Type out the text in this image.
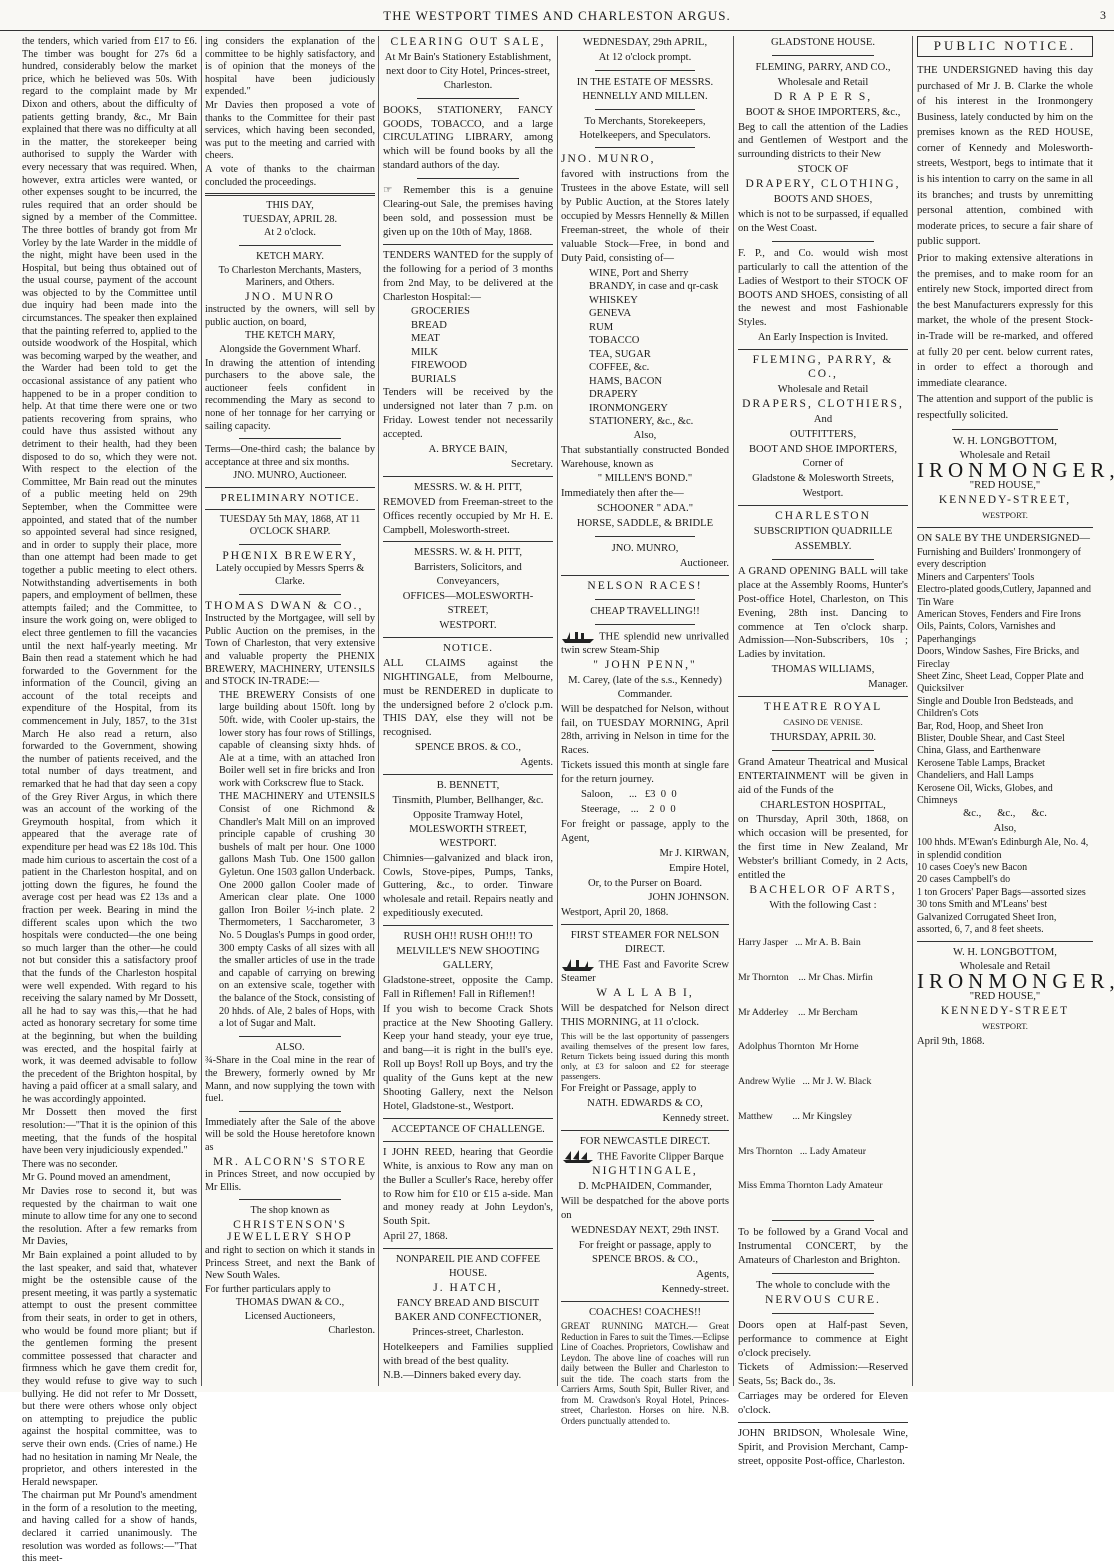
THE WESTPORT TIMES AND CHARLESTON ARGUS.	3

the tenders, which varied from £17 to £6. The timber was bought for 27s 6d a hundred, considerably below the market price, which he believed was 50s. With regard to the complaint made by Mr Dixon and others, about the difficulty of patients getting brandy, &c., Mr Bain explained that there was no difficulty at all in the matter, the storekeeper being authorised to supply the Warder with every necessary that was required. When, however, extra articles were wanted, or other expenses sought to be incurred, the rules required that an order should be signed by a member of the Committee. The three bottles of brandy got from Mr Vorley by the late Warder in the middle of the night, might have been used in the Hospital, but being thus obtained out of the usual course, payment of the account was objected to by the Committee until due inquiry had been made into the circumstances. The speaker then explained that the painting referred to, applied to the outside woodwork of the Hospital, which was becoming warped by the weather, and the Warder had been told to get the occasional assistance of any patient who happened to be in a proper condition to help. At that time there were one or two patients recovering from sprains, who could have thus assisted without any detriment to their health, had they been disposed to do so, which they were not. With respect to the election of the Committee, Mr Bain read out the minutes of a public meeting held on 29th September, when the Committee were appointed, and stated that of the number so appointed several had since resigned, and in order to supply their place, more than one attempt had been made to get together a public meeting to elect others. Notwithstanding advertisements in both papers, and employment of bellmen, these attempts failed; and the Committee, to insure the work going on, were obliged to elect three gentlemen to fill the vacancies until the next half-yearly meeting. Mr Bain then read a statement which he had forwarded to the Government for the information of the Council, giving an account of the total receipts and expenditure of the Hospital, from its commencement in July, 1857, to the 31st March He also read a return, also forwarded to the Government, showing the number of patients received, and the total number of days treatment, and remarked that he had that day seen a copy of the Grey River Argus, in which there was an account of the working of the Greymouth hospital, from which it appeared that the average rate of expenditure per head was £2 18s 10d. This made him curious to ascertain the cost of a patient in the Charleston hospital, and on jotting down the figures, he found the average cost per head was £2 13s and a fraction per week. Bearing in mind the different scales upon which the two hospitals were conducted—the one being so much larger than the other—he could not but consider this a satisfactory proof that the funds of the Charleston hospital were well expended. With regard to his receiving the salary named by Mr Dossett, all he had to say was this,—that he had acted as honorary secretary for some time at the beginning, but when the building was erected, and the hospital fairly at work, it was deemed advisable to follow the precedent of the Brighton hospital, by having a paid officer at a small salary, and he was accordingly appointed.

Mr Dossett then moved the first resolution:—"That it is the opinion of this meeting, that the funds of the hospital have been very injudiciously expended."

There was no seconder.

Mr G. Pound moved an amendment,

Mr Davies rose to second it, but was requested by the chairman to wait one minute to allow time for any one to second the resolution. After a few remarks from Mr Davies,

Mr Bain explained a point alluded to by the last speaker, and said that, whatever might be the ostensible cause of the present meeting, it was partly a systematic attempt to oust the present committee from their seats, in order to get in others, who would be found more pliant; but if the gentlemen forming the present committee possessed that character and firmness which he gave them credit for, they would refuse to give way to such bullying. He did not refer to Mr Dossett, but there were others whose only object on attempting to prejudice the public against the hospital committee, was to serve their own ends. (Cries of name.) He had no hesitation in naming Mr Neale, the proprietor, and others interested in the Herald newspaper.

The chairman put Mr Pound's amendment in the form of a resolution to the meeting, and having called for a show of hands, declared it carried unanimously. The resolution was worded as follows:—"That this meet-

ing considers the explanation of the committee to be highly satisfactory, and is of opinion that the moneys of the hospital have been judiciously expended."

Mr Davies then proposed a vote of thanks to the Committee for their past services, which having been seconded, was put to the meeting and carried with cheers.

A vote of thanks to the chairman concluded the proceedings.

THIS DAY,

TUESDAY, APRIL 28.

At 2 o'clock.

KETCH MARY.

To Charleston Merchants, Masters, Mariners, and Others.

JNO. MUNRO

instructed by the owners, will sell by public auction, on board,

THE KETCH MARY,

Alongside the Government Wharf.

In drawing the attention of intending purchasers to the above sale, the auctioneer feels confident in recommending the Mary as second to none of her tonnage for her carrying or sailing capacity.

Terms—One-third cash; the balance by acceptance at three and six months.

JNO. MUNRO, Auctioneer.

PRELIMINARY NOTICE.

TUESDAY 5th MAY, 1868, AT 11 O'CLOCK SHARP.

PHŒNIX BREWERY,

Lately occupied by Messrs Sperrs & Clarke.

THOMAS DWAN & CO.,

Instructed by the Mortgagee, will sell by Public Auction on the premises, in the Town of Charleston, that very extensive and valuable property the PHENIX BREWERY, MACHINERY, UTENSILS and STOCK IN-TRADE:—

THE BREWERY Consists of one large building about 150ft. long by 50ft. wide, with Cooler up-stairs, the lower story has four rows of Stillings, capable of cleansing sixty hhds. of Ale at a time, with an attached Iron Boiler well set in fire bricks and Iron work with Corkscrew flue to Stack.

THE MACHINERY and UTENSILS Consist of one Richmond & Chandler's Malt Mill on an improved principle capable of crushing 30 bushels of malt per hour. One 1000 gallons Mash Tub. One 1500 gallon Gyletun. One 1503 gallon Underback. One 2000 gallon Cooler made of American clear plate. One 1000 gallon Iron Boiler ½-inch plate. 2 Thermometers, 1 Saccharometer, 3 No. 5 Douglas's Pumps in good order, 300 empty Casks of all sizes with all the smaller articles of use in the trade and capable of carrying on brewing on an extensive scale, together with the balance of the Stock, consisting of 20 hhds. of Ale, 2 bales of Hops, with a lot of Sugar and Malt.

ALSO.

¾-Share in the Coal mine in the rear of the Brewery, formerly owned by Mr Mann, and now supplying the town with fuel.

Immediately after the Sale of the above will be sold the House heretofore known as

MR. ALCORN'S STORE

in Princes Street, and now occupied by Mr Ellis.

The shop known as

CHRISTENSON'S JEWELLERY SHOP

and right to section on which it stands in Princess Street, and next the Bank of New South Wales.

For further particulars apply to

THOMAS DWAN & CO.,

Licensed Auctioneers,

Charleston.

CLEARING OUT SALE,

At Mr Bain's Stationery Establishment, next door to City Hotel, Princes-street, Charleston.

BOOKS, STATIONERY, FANCY GOODS, TOBACCO, and a large CIRCULATING LIBRARY, among which will be found books by all the standard authors of the day.

☞ Remember this is a genuine Clearing-out Sale, the premises having been sold, and possession must be given up on the 10th of May, 1868.

TENDERS WANTED for the supply of the following for a period of 3 months from 2nd May, to be delivered at the Charleston Hospital:—

GROCERIES
BREAD
MEAT
MILK
FIREWOOD
BURIALS

Tenders will be received by the undersigned not later than 7 p.m. on Friday. Lowest tender not necessarily accepted.

A. BRYCE BAIN,

Secretary.

MESSRS. W. & H. PITT,

REMOVED from Freeman-street to the Offices recently occupied by Mr H. E. Campbell, Molesworth-street.

MESSRS. W. & H. PITT,

Barristers, Solicitors, and Conveyancers,

OFFICES—MOLESWORTH-STREET,

WESTPORT.

NOTICE.

ALL CLAIMS against the NIGHTINGALE, from Melbourne, must be RENDERED in duplicate to the undersigned before 2 o'clock p.m. THIS DAY, else they will not be recognised.

SPENCE BROS. & CO.,

Agents.

B. BENNETT,

Tinsmith, Plumber, Bellhanger, &c.

Opposite Tramway Hotel, MOLESWORTH STREET, WESTPORT.

Chimnies—galvanized and black iron, Cowls, Stove-pipes, Pumps, Tanks, Guttering, &c., to order. Tinware wholesale and retail. Repairs neatly and expeditiously executed.

RUSH OH!! RUSH OH!!! TO

MELVILLE'S NEW SHOOTING GALLERY,

Gladstone-street, opposite the Camp. Fall in Riflemen! Fall in Riflemen!!

If you wish to become Crack Shots practice at the New Shooting Gallery. Keep your hand steady, your eye true, and bang—it is right in the bull's eye. Roll up Boys! Roll up Boys, and try the quality of the Guns kept at the new Shooting Gallery, next the Nelson Hotel, Gladstone-st., Westport.

ACCEPTANCE OF CHALLENGE.

I JOHN REED, hearing that Geordie White, is anxious to Row any man on the Buller a Sculler's Race, hereby offer to Row him for £10 or £15 a-side. Man and money ready at John Leydon's, South Spit.

April 27, 1868.

NONPAREIL PIE AND COFFEE HOUSE.

J. HATCH,

FANCY BREAD AND BISCUIT BAKER AND CONFECTIONER,

Princes-street, Charleston.

Hotelkeepers and Families supplied with bread of the best quality.

N.B.—Dinners baked every day.

WEDNESDAY, 29th APRIL,

At 12 o'clock prompt.

IN THE ESTATE OF MESSRS. HENNELLY AND MILLEN.

To Merchants, Storekeepers, Hotelkeepers, and Speculators.

JNO. MUNRO,

favored with instructions from the Trustees in the above Estate, will sell by Public Auction, at the Stores lately occupied by Messrs Hennelly & Millen Freeman-street, the whole of their valuable Stock—Free, in bond and Duty Paid, consisting of—

WINE, Port and Sherry
BRANDY, in case and qr-cask
WHISKEY
GENEVA
RUM
TOBACCO
TEA, SUGAR
COFFEE, &c.
HAMS, BACON
DRAPERY
IRONMONGERY
STATIONERY, &c., &c.

Also,

That substantially constructed Bonded Warehouse, known as

" MILLEN'S BOND."

Immediately then after the—

SCHOONER " ADA."

HORSE, SADDLE, & BRIDLE

JNO. MUNRO,

Auctioneer.

NELSON RACES!

CHEAP TRAVELLING!!

THE splendid new unrivalled twin screw Steam-Ship

" JOHN PENN,"

M. Carey, (late of the s.s., Kennedy) Commander.

Will be despatched for Nelson, without fail, on TUESDAY MORNING, April 28th, arriving in Nelson in time for the Races.

Tickets issued this month at single fare for the return journey.

Saloon,      ...   £3  0  0

Steerage,    ...    2  0  0

For freight or passage, apply to the Agent,

Mr J. KIRWAN,

Empire Hotel,

Or, to the Purser on Board.

JOHN JOHNSON.

Westport, April 20, 1868.

FIRST STEAMER FOR NELSON DIRECT.

THE Fast and Favorite Screw Steamer

W A L L A B I,

Will be despatched for Nelson direct THIS MORNING, at 11 o'clock.

This will be the last opportunity of passengers availing themselves of the present low fares, Return Tickets being issued during this month only, at £3 for saloon and £2 for steerage passengers.

For Freight or Passage, apply to

NATH. EDWARDS & CO,

Kennedy street.

FOR NEWCASTLE DIRECT.

THE Favorite Clipper Barque

NIGHTINGALE,

D. McPHAIDEN, Commander,

Will be despatched for the above ports on

WEDNESDAY NEXT, 29th INST.

For freight or passage, apply to

SPENCE BROS. & CO.,

Agents,

Kennedy-street.

COACHES! COACHES!!

GREAT RUNNING MATCH.— Great Reduction in Fares to suit the Times.—Eclipse Line of Coaches. Proprietors, Cowlishaw and Leydon. The above line of coaches will run daily between the Buller and Charleston to suit the tide. The coach starts from the Carriers Arms, South Spit, Buller River, and from M. Crawdson's Royal Hotel, Princes-street, Charleston. Horses on hire. N.B. Orders punctually attended to.

GLADSTONE HOUSE.

FLEMING, PARRY, AND CO.,

Wholesale and Retail

D R A P E R S,

BOOT & SHOE IMPORTERS, &c.,

Beg to call the attention of the Ladies and Gentlemen of Westport and the surrounding districts to their New

STOCK OF

DRAPERY, CLOTHING,

BOOTS AND SHOES,

which is not to be surpassed, if equalled on the West Coast.

F. P., and Co. would wish most particularly to call the attention of the Ladies of Westport to their STOCK OF BOOTS AND SHOES, consisting of all the newest and most Fashionable Styles.

An Early Inspection is Invited.

FLEMING, PARRY, & CO.,

Wholesale and Retail

DRAPERS, CLOTHIERS,

And

OUTFITTERS,

BOOT AND SHOE IMPORTERS,

Corner of

Gladstone & Molesworth Streets,

Westport.

CHARLESTON

SUBSCRIPTION QUADRILLE

ASSEMBLY.

A GRAND OPENING BALL will take place at the Assembly Rooms, Hunter's Post-office Hotel, Charleston, on This Evening, 28th inst. Dancing to commence at Ten o'clock sharp. Admission—Non-Subscribers, 10s ; Ladies by invitation.

THOMAS WILLIAMS,

Manager.

THEATRE ROYAL

CASINO DE VENISE.

THURSDAY, APRIL 30.

Grand Amateur Theatrical and Musical ENTERTAINMENT will be given in aid of the Funds of the

CHARLESTON HOSPITAL,

on Thursday, April 30th, 1868, on which occasion will be presented, for the first time in New Zealand, Mr Webster's brilliant Comedy, in 2 Acts, entitled the

BACHELOR OF ARTS,

With the following Cast :

Harry Jasper   ... Mr A. B. Bain

Mr Thornton    ... Mr Chas. Mirfin

Mr Adderley    ... Mr Bercham

Adolphus Thornton  Mr Horne

Andrew Wylie   ... Mr J. W. Black

Matthew        ... Mr Kingsley

Mrs Thornton   ... Lady Amateur

Miss Emma Thornton Lady Amateur

To be followed by a Grand Vocal and Instrumental CONCERT, by the Amateurs of Charleston and Brighton.

The whole to conclude with the

NERVOUS CURE.

Doors open at Half-past Seven, performance to commence at Eight o'clock precisely.

Tickets of Admission:—Reserved Seats, 5s; Back do., 3s.

Carriages may be ordered for Eleven o'clock.

JOHN BRIDSON, Wholesale Wine, Spirit, and Provision Merchant, Camp-street, opposite Post-office, Charleston.

PUBLIC NOTICE.

THE UNDERSIGNED having this day purchased of Mr J. B. Clarke the whole of his interest in the Ironmongery Business, lately conducted by him on the premises known as the RED HOUSE, corner of Kennedy and Molesworth-streets, Westport, begs to intimate that it is his intention to carry on the same in all its branches; and trusts by unremitting personal attention, combined with moderate prices, to secure a fair share of public support.

Prior to making extensive alterations in the premises, and to make room for an entirely new Stock, imported direct from the best Manufacturers expressly for this market, the whole of the present Stock-in-Trade will be re-marked, and offered at fully 20 per cent. below current rates, in order to effect a thorough and immediate clearance.

The attention and support of the public is respectfully solicited.

W. H. LONGBOTTOM,

Wholesale and Retail

IRONMONGER,

"RED HOUSE,"

KENNEDY-STREET,

WESTPORT.

ON SALE BY THE UNDERSIGNED—

Furnishing and Builders' Ironmongery of every description
Miners and Carpenters' Tools
Electro-plated goods,Cutlery, Japanned and Tin Ware
American Stoves, Fenders and Fire Irons
Oils, Paints, Colors, Varnishes and Paperhangings
Doors, Window Sashes, Fire Bricks, and Fireclay
Sheet Zinc, Sheet Lead, Copper Plate and Quicksilver
Single and Double Iron Bedsteads, and Children's Cots
Bar, Rod, Hoop, and Sheet Iron
Blister, Double Shear, and Cast Steel
China, Glass, and Earthenware
Kerosene Table Lamps, Bracket Chandeliers, and Hall Lamps
Kerosene Oil, Wicks, Globes, and Chimneys

&c.,      &c.,      &c.

Also,

100 hhds. M'Ewan's Edinburgh Ale, No. 4, in splendid condition
10 cases Coey's new Bacon
20 cases Campbell's do
1 ton Grocers' Paper Bags—assorted sizes
30 tons Smith and M'Leans' best Galvanized Corrugated Sheet Iron, assorted, 6, 7, and 8 feet sheets.

W. H. LONGBOTTOM,

Wholesale and Retail

IRONMONGER,

"RED HOUSE,"

KENNEDY-STREET

WESTPORT.

April 9th, 1868.
